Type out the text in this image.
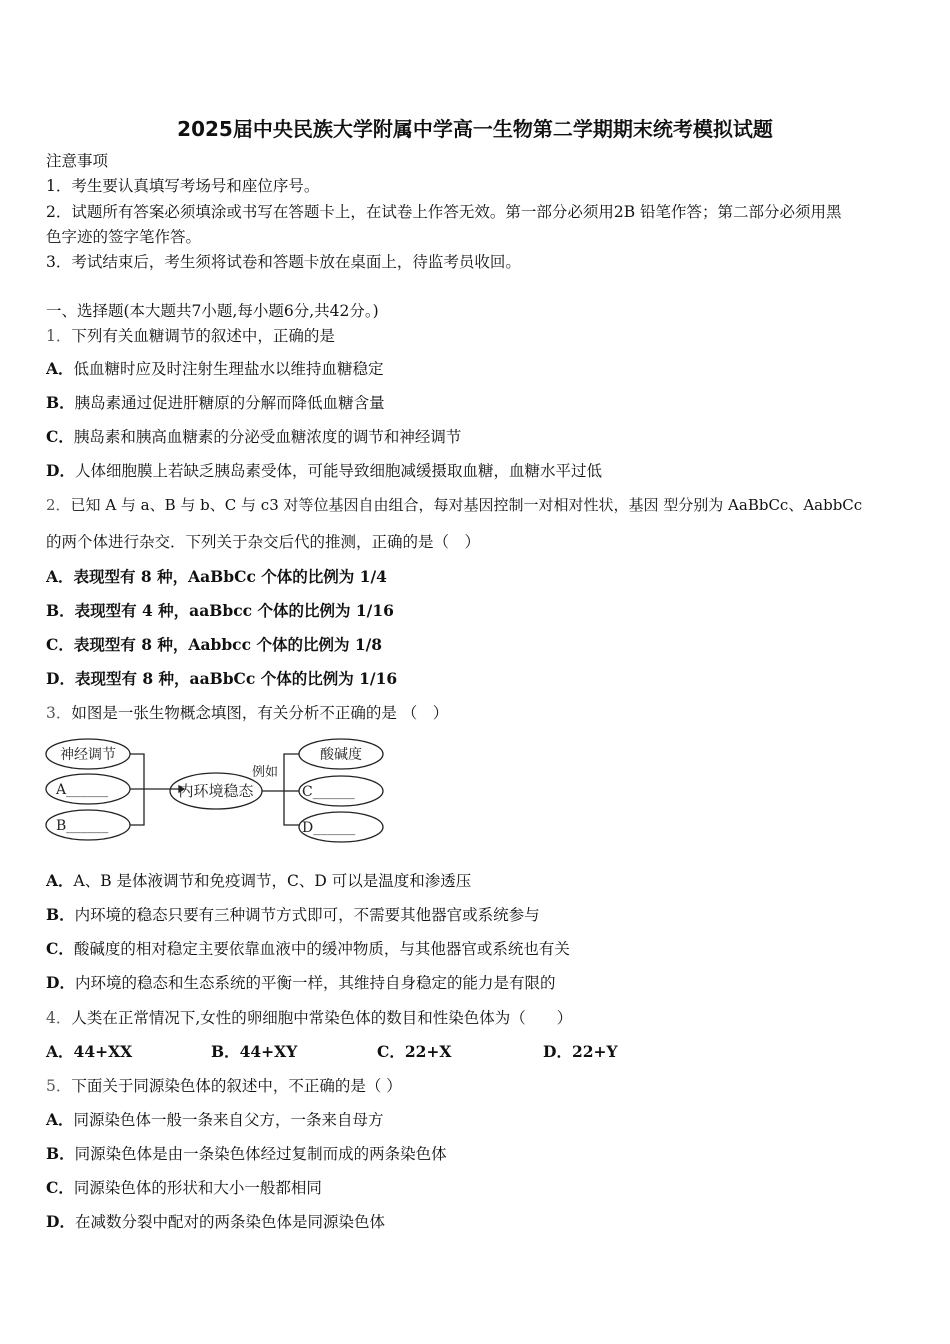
2025届中央民族大学附属中学高一生物第二学期期末统考模拟试题
注意事项
1．考生要认真填写考场号和座位序号。
2．试题所有答案必须填涂或书写在答题卡上，在试卷上作答无效。第一部分必须用2B 铅笔作答；第二部分必须用黑
色字迹的签字笔作答。
3．考试结束后，考生须将试卷和答题卡放在桌面上，待监考员收回。
一、选择题(本大题共7小题,每小题6分,共42分。)
1．下列有关血糖调节的叙述中，正确的是
A．低血糖时应及时注射生理盐水以维持血糖稳定
B．胰岛素通过促进肝糖原的分解而降低血糖含量
C．胰岛素和胰高血糖素的分泌受血糖浓度的调节和神经调节
D．人体细胞膜上若缺乏胰岛素受体，可能导致细胞减缓摄取血糖，血糖水平过低
2．已知 A 与 a、B 与 b、C 与 c3 对等位基因自由组合，每对基因控制一对相对性状，基因 型分别为 AaBbCc、AabbCc
的两个体进行杂交．下列关于杂交后代的推测，正确的是（　）
A．表现型有 8 种，AaBbCc 个体的比例为 1/4
B．表现型有 4 种，aaBbcc 个体的比例为 1/16
C．表现型有 8 种，Aabbcc 个体的比例为 1/8
D．表现型有 8 种，aaBbCc 个体的比例为 1/16
3．如图是一张生物概念填图，有关分析不正确的是 （　）
神经调节
A______
B______
内环境稳态
例如
酸碱度
C______
D______
A．A、B 是体液调节和免疫调节，C、D 可以是温度和渗透压
B．内环境的稳态只要有三种调节方式即可，不需要其他器官或系统参与
C．酸碱度的相对稳定主要依靠血液中的缓冲物质，与其他器官或系统也有关
D．内环境的稳态和生态系统的平衡一样，其维持自身稳定的能力是有限的
4．人类在正常情况下,女性的卵细胞中常染色体的数目和性染色体为（　　）
A．44+XX	B．44+XY	C．22+X	D．22+Y
5．下面关于同源染色体的叙述中，不正确的是（ ）
A．同源染色体一般一条来自父方，一条来自母方
B．同源染色体是由一条染色体经过复制而成的两条染色体
C．同源染色体的形状和大小一般都相同
D．在减数分裂中配对的两条染色体是同源染色体
